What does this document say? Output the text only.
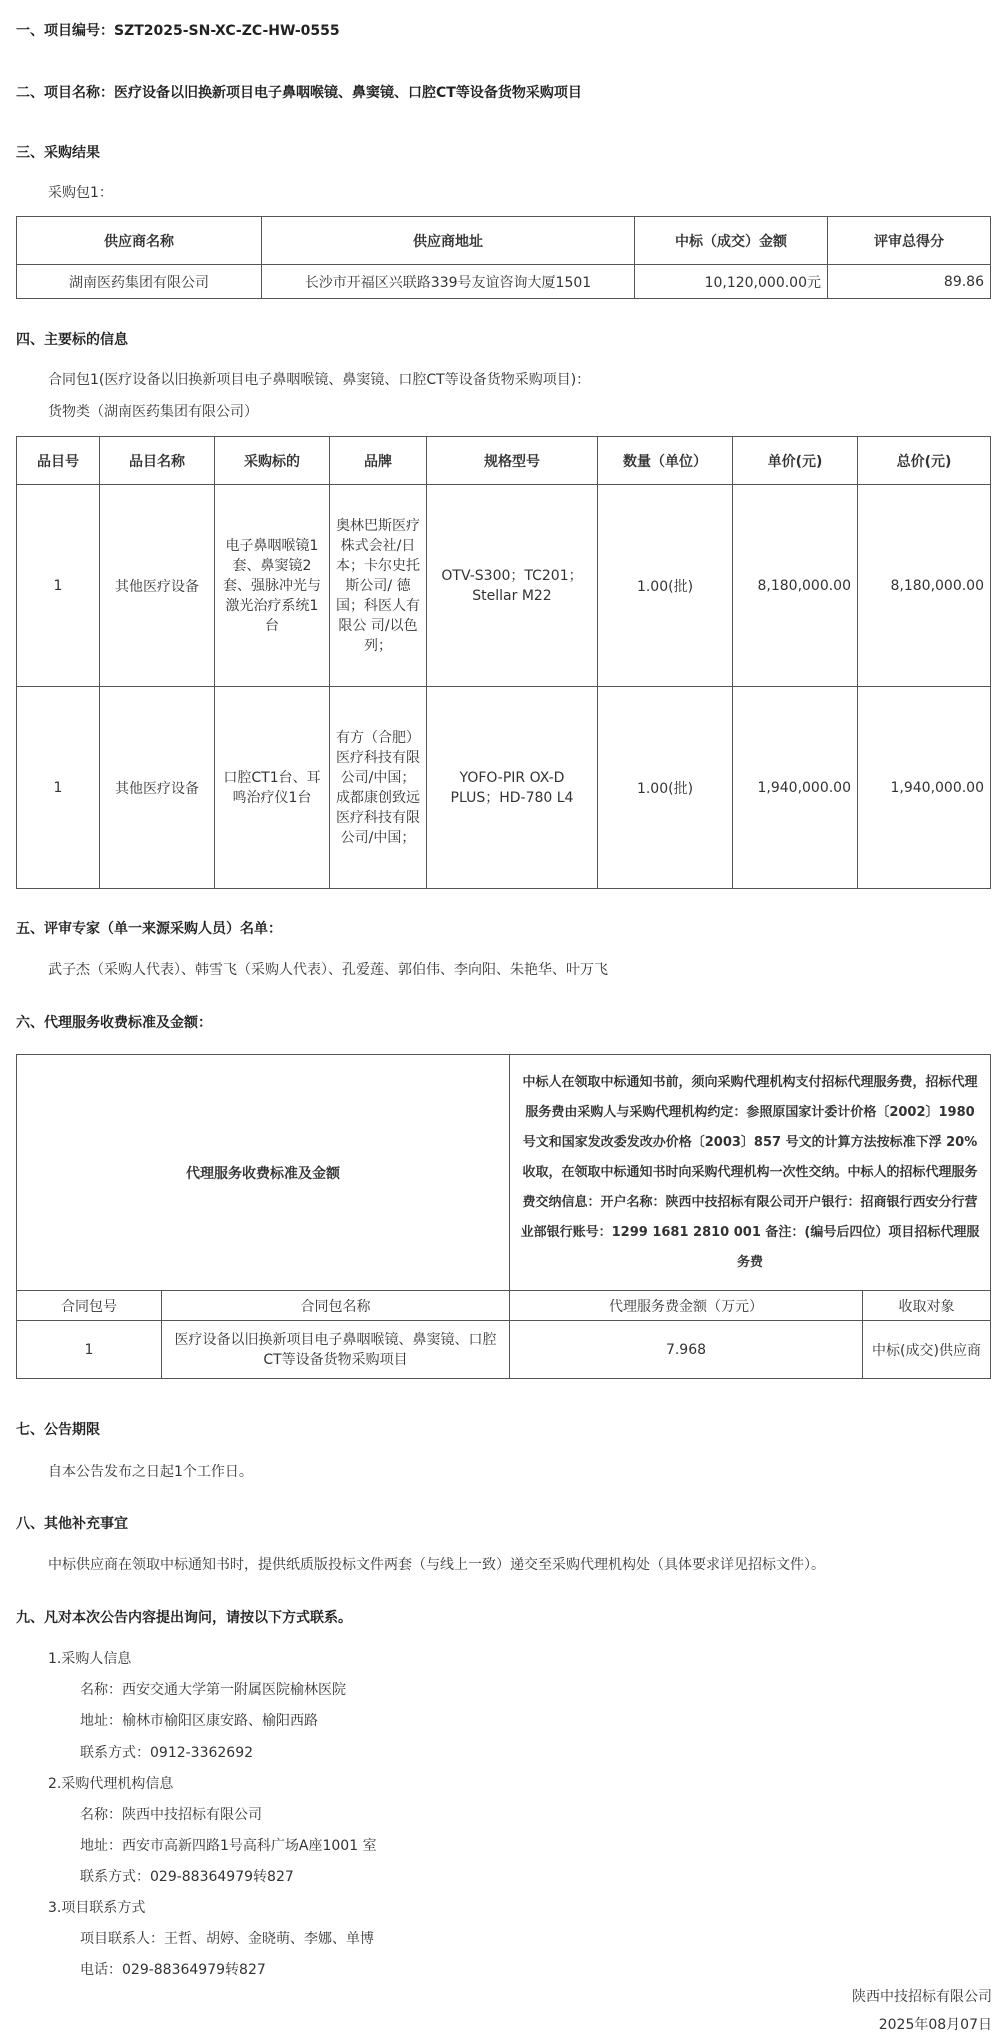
一、项目编号：SZT2025-SN-XC-ZC-HW-0555
二、项目名称：医疗设备以旧换新项目电子鼻咽喉镜、鼻窦镜、口腔CT等设备货物采购项目
三、采购结果
采购包1：
供应商名称	供应商地址	中标（成交）金额	评审总得分
湖南医药集团有限公司	长沙市开福区兴联路339号友谊咨询大厦1501	10,120,000.00元	89.86
四、主要标的信息
合同包1(医疗设备以旧换新项目电子鼻咽喉镜、鼻窦镜、口腔CT等设备货物采购项目)：
货物类（湖南医药集团有限公司）
品目号	品目名称	采购标的	品牌	规格型号	数量（单位）	单价(元)	总价(元)
1	其他医疗设备	电子鼻咽喉镜1套、鼻窦镜2套、强脉冲光与激光治疗系统1台	奥林巴斯医疗 株式会社/日本；卡尔史托斯公司/ 德国；科医人有限公 司/以色列；	OTV-S300；TC201；Stellar M22	1.00(批)	8,180,000.00	8,180,000.00
1	其他医疗设备	口腔CT1台、耳鸣治疗仪1台	有方（合肥）医疗科技有限 公司/中国；成都康创致远医疗科技有限 公司/中国；	YOFO-PIR OX-D PLUS；HD-780 L4	1.00(批)	1,940,000.00	1,940,000.00
五、评审专家（单一来源采购人员）名单：
武子杰（采购人代表）、韩雪飞（采购人代表）、孔爱莲、郭伯伟、李向阳、朱艳华、叶万飞
六、代理服务收费标准及金额：
代理服务收费标准及金额		中标人在领取中标通知书前，须向采购代理机构支付招标代理服务费，招标代理服务费由采购人与采购代理机构约定：参照原国家计委计价格〔2002〕1980 号文和国家发改委发改办价格〔2003〕857 号文的计算方法按标准下浮 20%收取，在领取中标通知书时向采购代理机构一次性交纳。中标人的招标代理服务费交纳信息：开户名称：陕西中技招标有限公司开户银行：招商银行西安分行营业部银行账号：1299 1681 2810 001 备注：(编号后四位）项目招标代理服务费	
合同包号	合同包名称	代理服务费金额（万元）	收取对象
1	医疗设备以旧换新项目电子鼻咽喉镜、鼻窦镜、口腔CT等设备货物采购项目	7.968	中标(成交)供应商
七、公告期限
自本公告发布之日起1个工作日。
八、其他补充事宜
中标供应商在领取中标通知书时，提供纸质版投标文件两套（与线上一致）递交至采购代理机构处（具体要求详见招标文件）。
九、凡对本次公告内容提出询问，请按以下方式联系。
1.采购人信息
名称：西安交通大学第一附属医院榆林医院
地址：榆林市榆阳区康安路、榆阳西路
联系方式：0912-3362692
2.采购代理机构信息
名称：陕西中技招标有限公司
地址：西安市高新四路1号高科广场A座1001 室
联系方式：029-88364979转827
3.项目联系方式
项目联系人：王哲、胡婷、金晓萌、李娜、单博
电话：029-88364979转827
陕西中技招标有限公司
2025年08月07日
